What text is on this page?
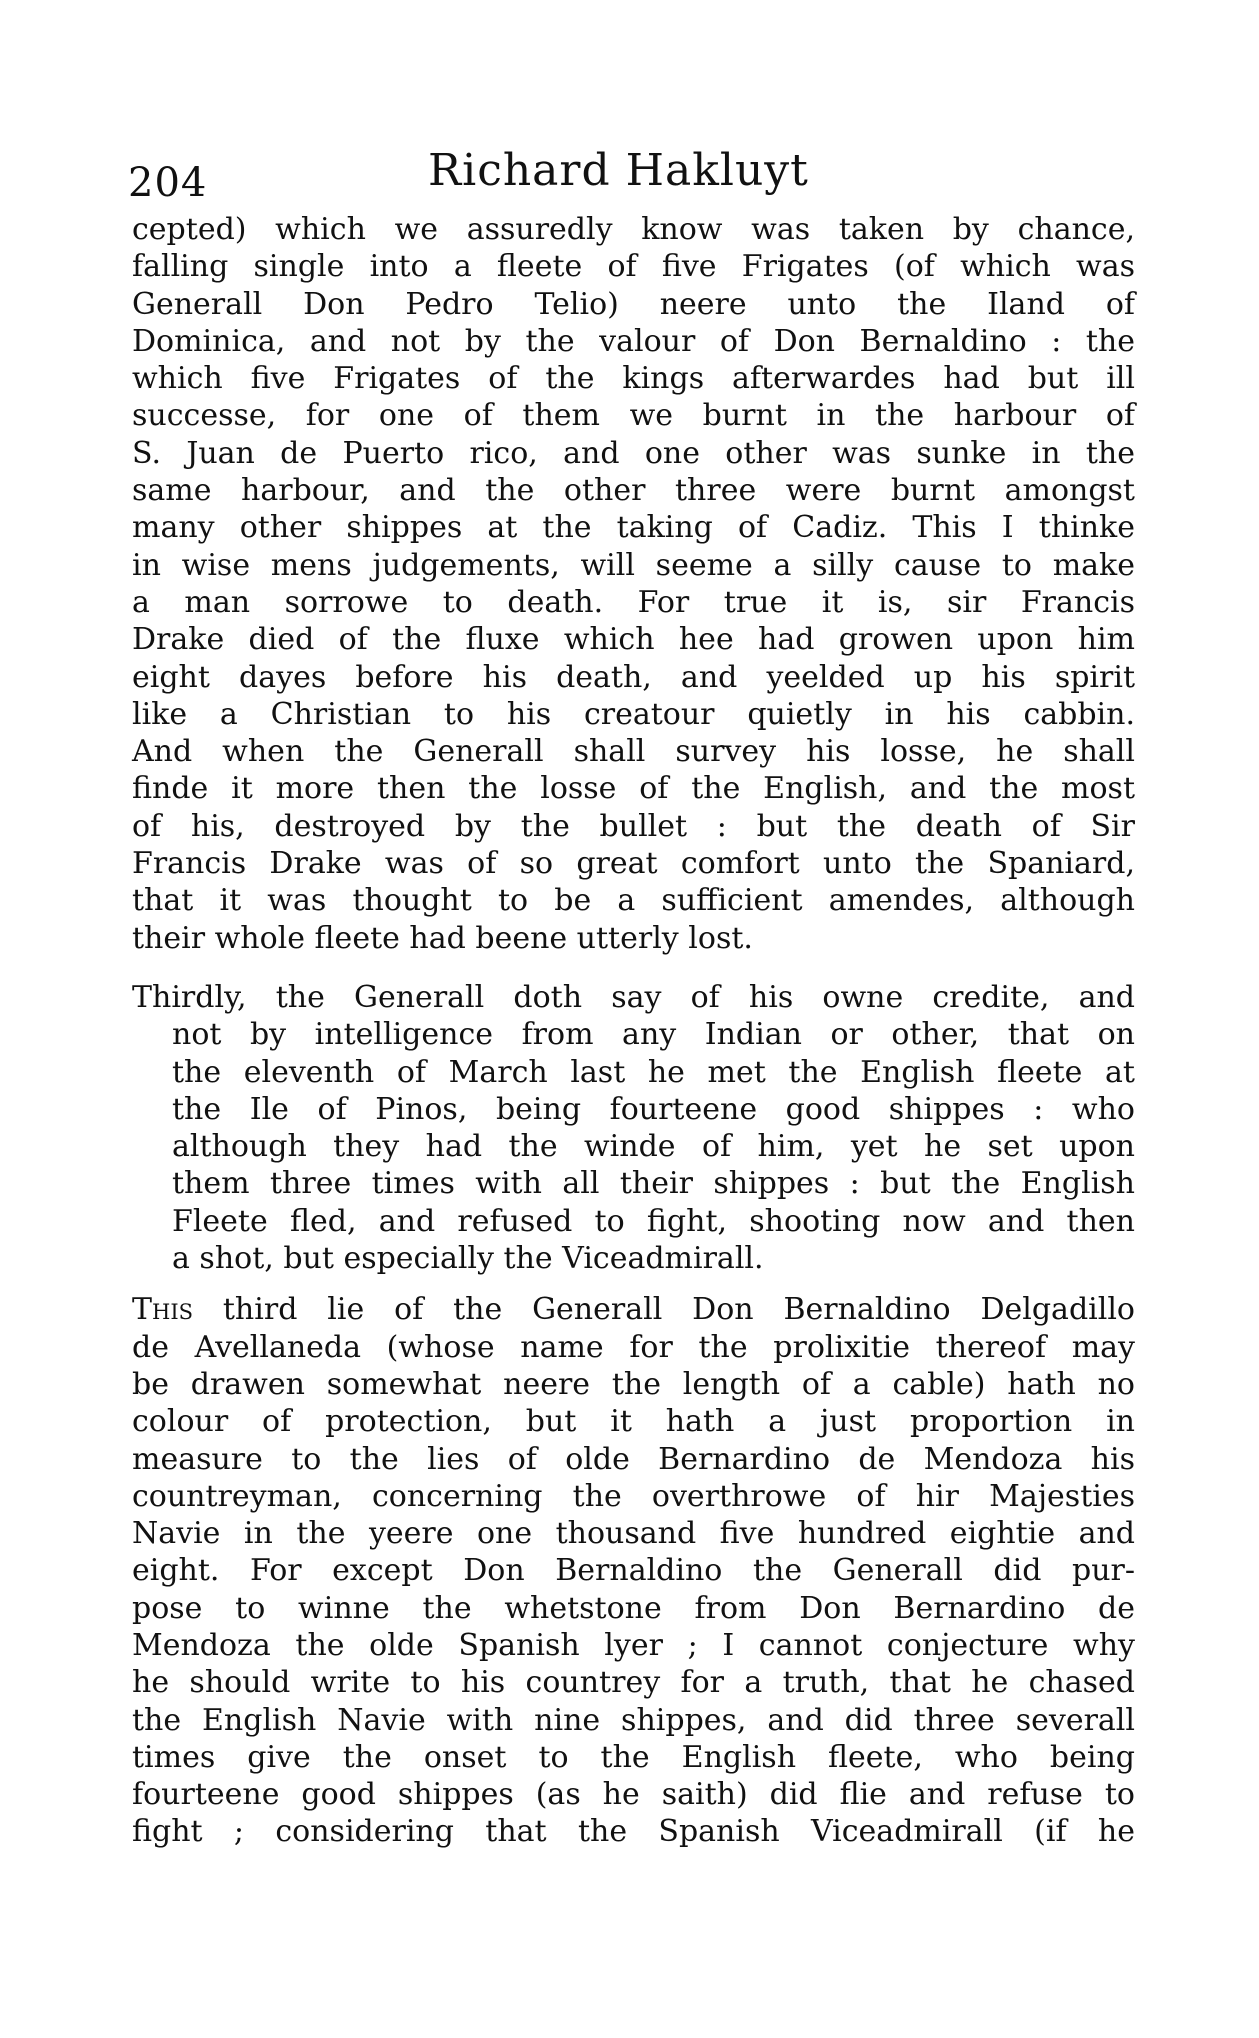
204	Richard Hakluyt
cepted) which we assuredly know was taken by chance,
falling single into a fleete of five Frigates (of which was
Generall Don Pedro Telio) neere unto the Iland of
Dominica, and not by the valour of Don Bernaldino : the
which five Frigates of the kings afterwardes had but ill
successe, for one of them we burnt in the harbour of
S. Juan de Puerto rico, and one other was sunke in the
same harbour, and the other three were burnt amongst
many other shippes at the taking of Cadiz. This I thinke
in wise mens judgements, will seeme a silly cause to make
a man sorrowe to death. For true it is, sir Francis
Drake died of the fluxe which hee had growen upon him
eight dayes before his death, and yeelded up his spirit
like a Christian to his creatour quietly in his cabbin.
And when the Generall shall survey his losse, he shall
finde it more then the losse of the English, and the most
of his, destroyed by the bullet : but the death of Sir
Francis Drake was of so great comfort unto the Spaniard,
that it was thought to be a sufficient amendes, although
their whole fleete had beene utterly lost.
Thirdly, the Generall doth say of his owne credite, and
not by intelligence from any Indian or other, that on
the eleventh of March last he met the English fleete at
the Ile of Pinos, being fourteene good shippes : who
although they had the winde of him, yet he set upon
them three times with all their shippes : but the English
Fleete fled, and refused to fight, shooting now and then
a shot, but especially the Viceadmirall.
This third lie of the Generall Don Bernaldino Delgadillo
de Avellaneda (whose name for the prolixitie thereof may
be drawen somewhat neere the length of a cable) hath no
colour of protection, but it hath a just proportion in
measure to the lies of olde Bernardino de Mendoza his
countreyman, concerning the overthrowe of hir Majesties
Navie in the yeere one thousand five hundred eightie and
eight. For except Don Bernaldino the Generall did pur-
pose to winne the whetstone from Don Bernardino de
Mendoza the olde Spanish lyer ; I cannot conjecture why
he should write to his countrey for a truth, that he chased
the English Navie with nine shippes, and did three severall
times give the onset to the English fleete, who being
fourteene good shippes (as he saith) did flie and refuse to
fight ; considering that the Spanish Viceadmirall (if he
